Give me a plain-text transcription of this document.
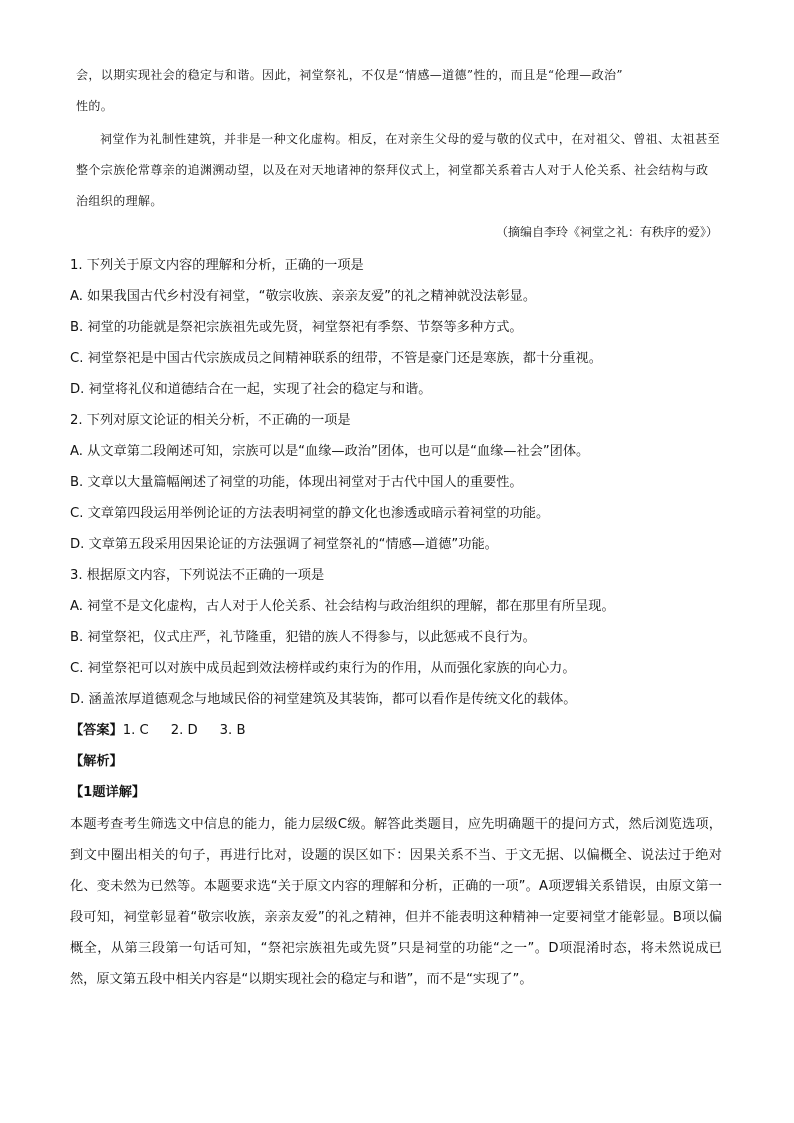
会，以期实现社会的稳定与和谐。因此，祠堂祭礼，不仅是“情感—道德”性的，而且是“伦理—政治”

性的。

祠堂作为礼制性建筑，并非是一种文化虚构。相反，在对亲生父母的爱与敬的仪式中，在对祖父、曾祖、太祖甚至整个宗族伦常尊亲的追渊溯动望，以及在对天地诸神的祭拜仪式上，祠堂都关系着古人对于人伦关系、社会结构与政治组织的理解。

（摘编自李玲《祠堂之礼：有秩序的爱》）
1. 下列关于原文内容的理解和分析，正确的一项是
A. 如果我国古代乡村没有祠堂，“敬宗收族、亲亲友爱”的礼之精神就没法彰显。
B. 祠堂的功能就是祭祀宗族祖先或先贤，祠堂祭祀有季祭、节祭等多种方式。
C. 祠堂祭祀是中国古代宗族成员之间精神联系的纽带，不管是豪门还是寒族，都十分重视。
D. 祠堂将礼仪和道德结合在一起，实现了社会的稳定与和谐。
2. 下列对原文论证的相关分析，不正确的一项是
A. 从文章第二段阐述可知，宗族可以是“血缘—政治”团体，也可以是“血缘—社会”团体。
B. 文章以大量篇幅阐述了祠堂的功能，体现出祠堂对于古代中国人的重要性。
C. 文章第四段运用举例论证的方法表明祠堂的静文化也渗透或暗示着祠堂的功能。
D. 文章第五段采用因果论证的方法强调了祠堂祭礼的“情感—道德”功能。
3. 根据原文内容，下列说法不正确的一项是
A. 祠堂不是文化虚构，古人对于人伦关系、社会结构与政治组织的理解，都在那里有所呈现。
B. 祠堂祭祀，仪式庄严，礼节隆重，犯错的族人不得参与，以此惩戒不良行为。
C. 祠堂祭祀可以对族中成员起到效法榜样或约束行为的作用，从而强化家族的向心力。
D. 涵盖浓厚道德观念与地域民俗的祠堂建筑及其装饰，都可以看作是传统文化的载体。
【答案】1. C 2. D 3. B
【解析】
【1题详解】

本题考查考生筛选文中信息的能力，能力层级C级。解答此类题目，应先明确题干的提问方式，然后浏览选项，到文中圈出相关的句子，再进行比对，设题的误区如下：因果关系不当、于文无据、以偏概全、说法过于绝对化、变未然为已然等。本题要求选“关于原文内容的理解和分析，正确的一项”。A项逻辑关系错误，由原文第一段可知，祠堂彰显着“敬宗收族，亲亲友爱”的礼之精神，但并不能表明这种精神一定要祠堂才能彰显。B项以偏概全，从第三段第一句话可知，“祭祀宗族祖先或先贤”只是祠堂的功能“之一”。D项混淆时态，将未然说成已然，原文第五段中相关内容是“以期实现社会的稳定与和谐”，而不是“实现了”。
